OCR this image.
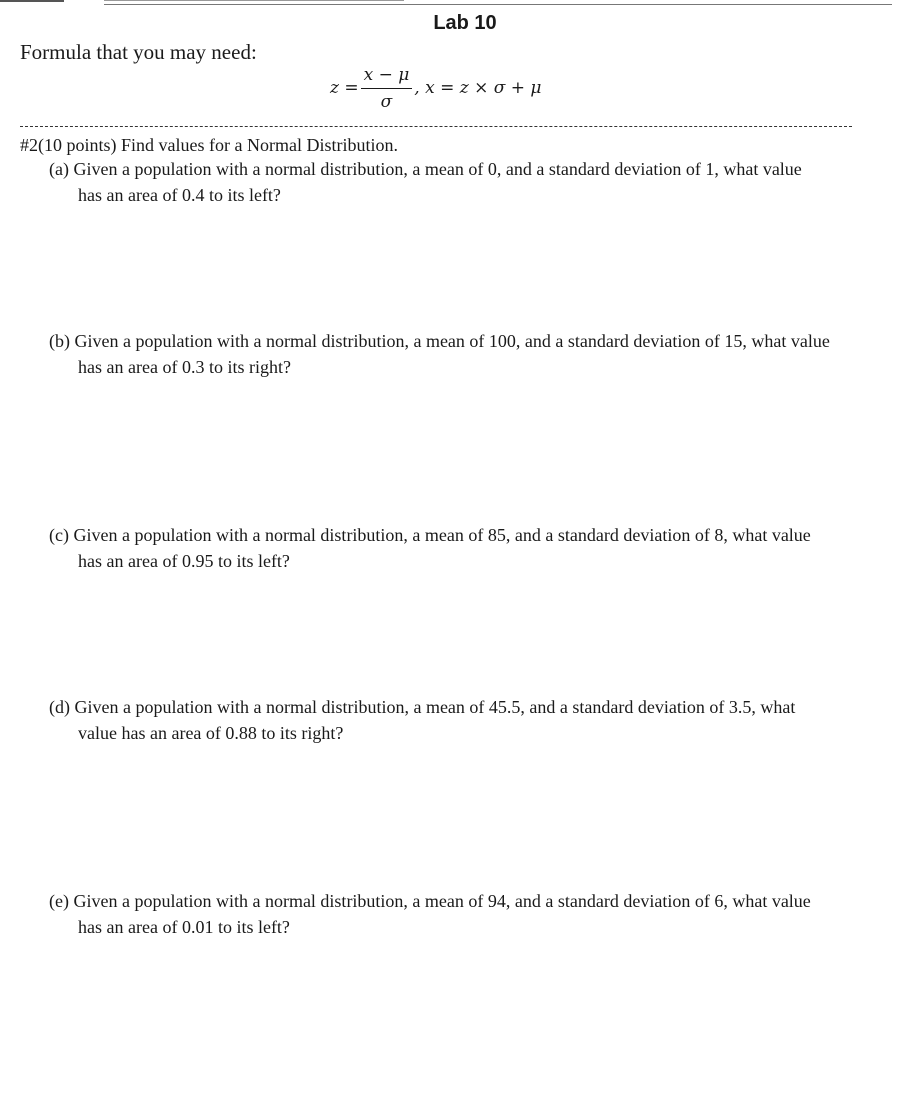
Lab 10
Formula that you may need:
$z = \frac{x - \mu}{\sigma}$ , x = z × σ + μ
#2(10 points) Find values for a Normal Distribution.
(a) Given a population with a normal distribution, a mean of 0, and a standard deviation of 1, what value
has an area of 0.4 to its left?
(b) Given a population with a normal distribution, a mean of 100, and a standard deviation of 15, what value
has an area of 0.3 to its right?
(c) Given a population with a normal distribution, a mean of 85, and a standard deviation of 8, what value
has an area of 0.95 to its left?
(d) Given a population with a normal distribution, a mean of 45.5, and a standard deviation of 3.5, what
value has an area of 0.88 to its right?
(e) Given a population with a normal distribution, a mean of 94, and a standard deviation of 6, what value
has an area of 0.01 to its left?
